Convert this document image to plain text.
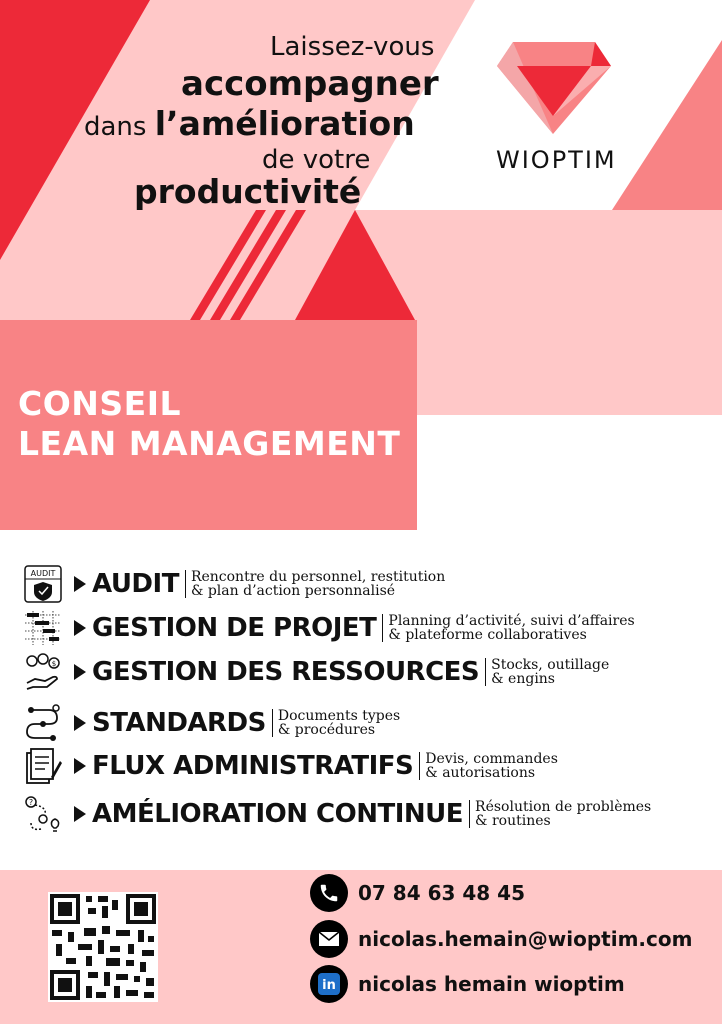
Laissez-vous
accompagner
dans l’amélioration
de votre
productivité
WIOPTIM
CONSEIL
LEAN MANAGEMENT
AUDIT AUDIT Rencontre du personnel, restitution
& plan d’action personnalisé
GESTION DE PROJET Planning d’activité, suivi d’affaires
& plateforme collaboratives
$ GESTION DES RESSOURCES Stocks, outillage
& engins
STANDARDS Documents types
& procédures
FLUX ADMINISTRATIFS Devis, commandes
& autorisations
? AMÉLIORATION CONTINUE Résolution de problèmes
& routines
07 84 63 48 45
nicolas.hemain@wioptim.com
in nicolas hemain wioptim
